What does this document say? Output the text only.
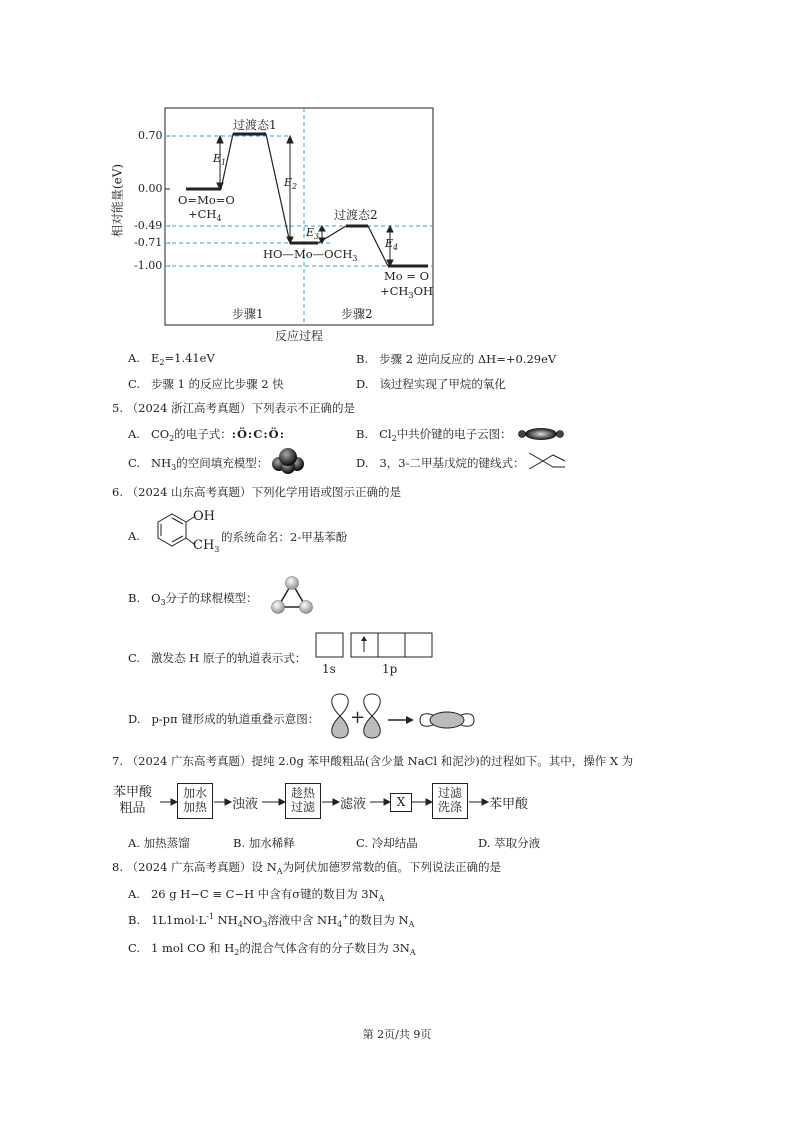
相对能量(eV)
0.70
0.00
-0.49
-0.71
-1.00
过渡态1
过渡态2
$E_1$
$E_2$
$E_3$
$E_4$
O=Mo=O
$+CH_4$
$HO—Mo—OCH_3$
Mo = O
$+CH_3OH$
步骤1	步骤2
反应过程
A. $E_2=1.41eV$	B. 步骤 2 逆向反应的 ΔH=+0.29eV
C. 步骤 1 的反应比步骤 2 快	D. 该过程实现了甲烷的氧化
5. （2024 浙江高考真题）下列表示不正确的是
A. $CO_2$的电子式：:Ö:C:Ö:	B. $Cl_2$中共价键的电子云图：
C. $NH_3$的空间填充模型：	D. 3，3-二甲基戊烷的键线式：
6. （2024 山东高考真题）下列化学用语或图示正确的是
A.
OH
$CH_3$
的系统命名：2-甲基苯酚
B. $O_3$分子的球棍模型：
C. 激发态 H 原子的轨道表示式：
1s	1p
D. p-pπ 键形成的轨道重叠示意图： +
7. （2024 广东高考真题）提纯 2.0g 苯甲酸粗品(含少量 NaCl 和泥沙)的过程如下。其中，操作 X 为
苯甲酸
粗品
加水
加热	浊液
趁热
过滤	滤液	X
过滤
洗涤	苯甲酸
A. 加热蒸馏	B. 加水稀释	C. 冷却结晶	D. 萃取分液
8. （2024 广东高考真题）设 $N_A$为阿伏加德罗常数的值。下列说法正确的是
A. 26 g H−C ≡ C−H 中含有σ键的数目为 $3N_A$
B. $1L1mol\cdot L^{-1}$ $NH_4NO_3$溶液中含 $NH_4^+$的数目为 $N_A$
C. 1 mol CO 和 $H_2$的混合气体含有的分子数目为 $3N_A$
第 2页/共 9页
